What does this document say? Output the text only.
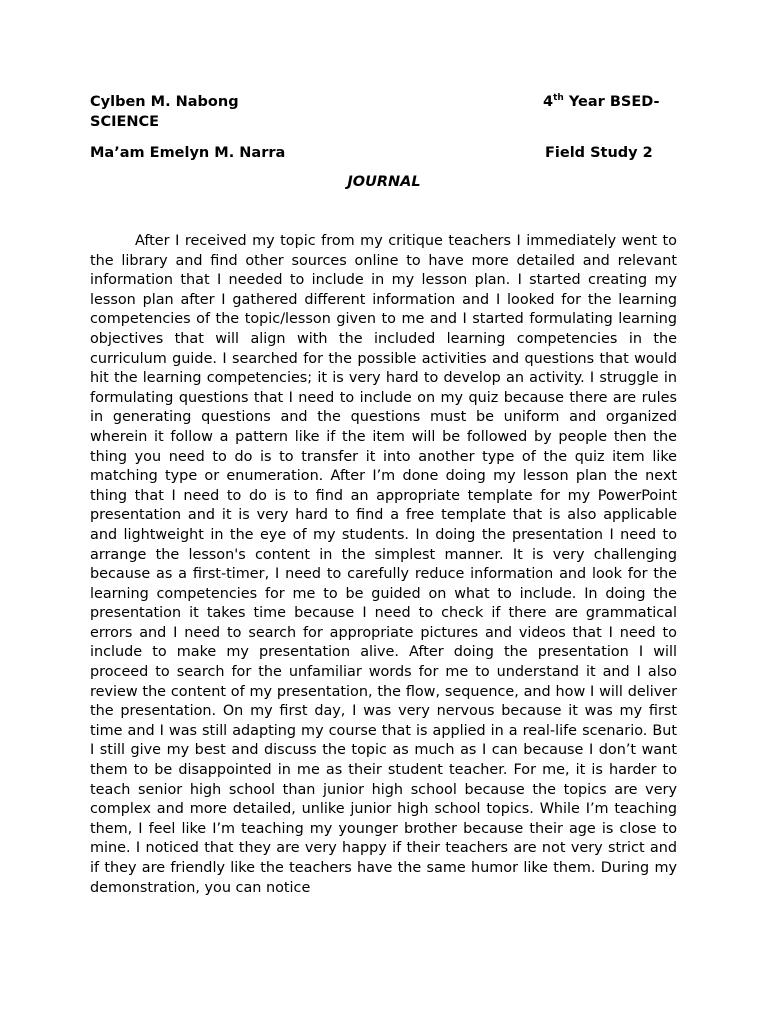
Cylben M. Nabong	4th Year BSED-
SCIENCE
Ma’am Emelyn M. Narra	Field Study 2
JOURNAL

After I received my topic from my critique teachers I immediately went to the library and find other sources online to have more detailed and relevant information that I needed to include in my lesson plan. I started creating my lesson plan after I gathered different information and I looked for the learning competencies of the topic/lesson given to me and I started formulating learning objectives that will align with the included learning competencies in the curriculum guide. I searched for the possible activities and questions that would hit the learning competencies; it is very hard to develop an activity. I struggle in formulating questions that I need to include on my quiz because there are rules in generating questions and the questions must be uniform and organized wherein it follow a pattern like if the item will be followed by people then the thing you need to do is to transfer it into another type of the quiz item like matching type or enumeration. After I’m done doing my lesson plan the next thing that I need to do is to find an appropriate template for my PowerPoint presentation and it is very hard to find a free template that is also applicable and lightweight in the eye of my students. In doing the presentation I need to arrange the lesson's content in the simplest manner. It is very challenging because as a first-timer, I need to carefully reduce information and look for the learning competencies for me to be guided on what to include. In doing the presentation it takes time because I need to check if there are grammatical errors and I need to search for appropriate pictures and videos that I need to include to make my presentation alive. After doing the presentation I will proceed to search for the unfamiliar words for me to understand it and I also review the content of my presentation, the flow, sequence, and how I will deliver the presentation. On my first day, I was very nervous because it was my first time and I was still adapting my course that is applied in a real-life scenario. But I still give my best and discuss the topic as much as I can because I don’t want them to be disappointed in me as their student teacher. For me, it is harder to teach senior high school than junior high school because the topics are very complex and more detailed, unlike junior high school topics. While I’m teaching them, I feel like I’m teaching my younger brother because their age is close to mine. I noticed that they are very happy if their teachers are not very strict and if they are friendly like the teachers have the same humor like them. During my demonstration, you can notice
